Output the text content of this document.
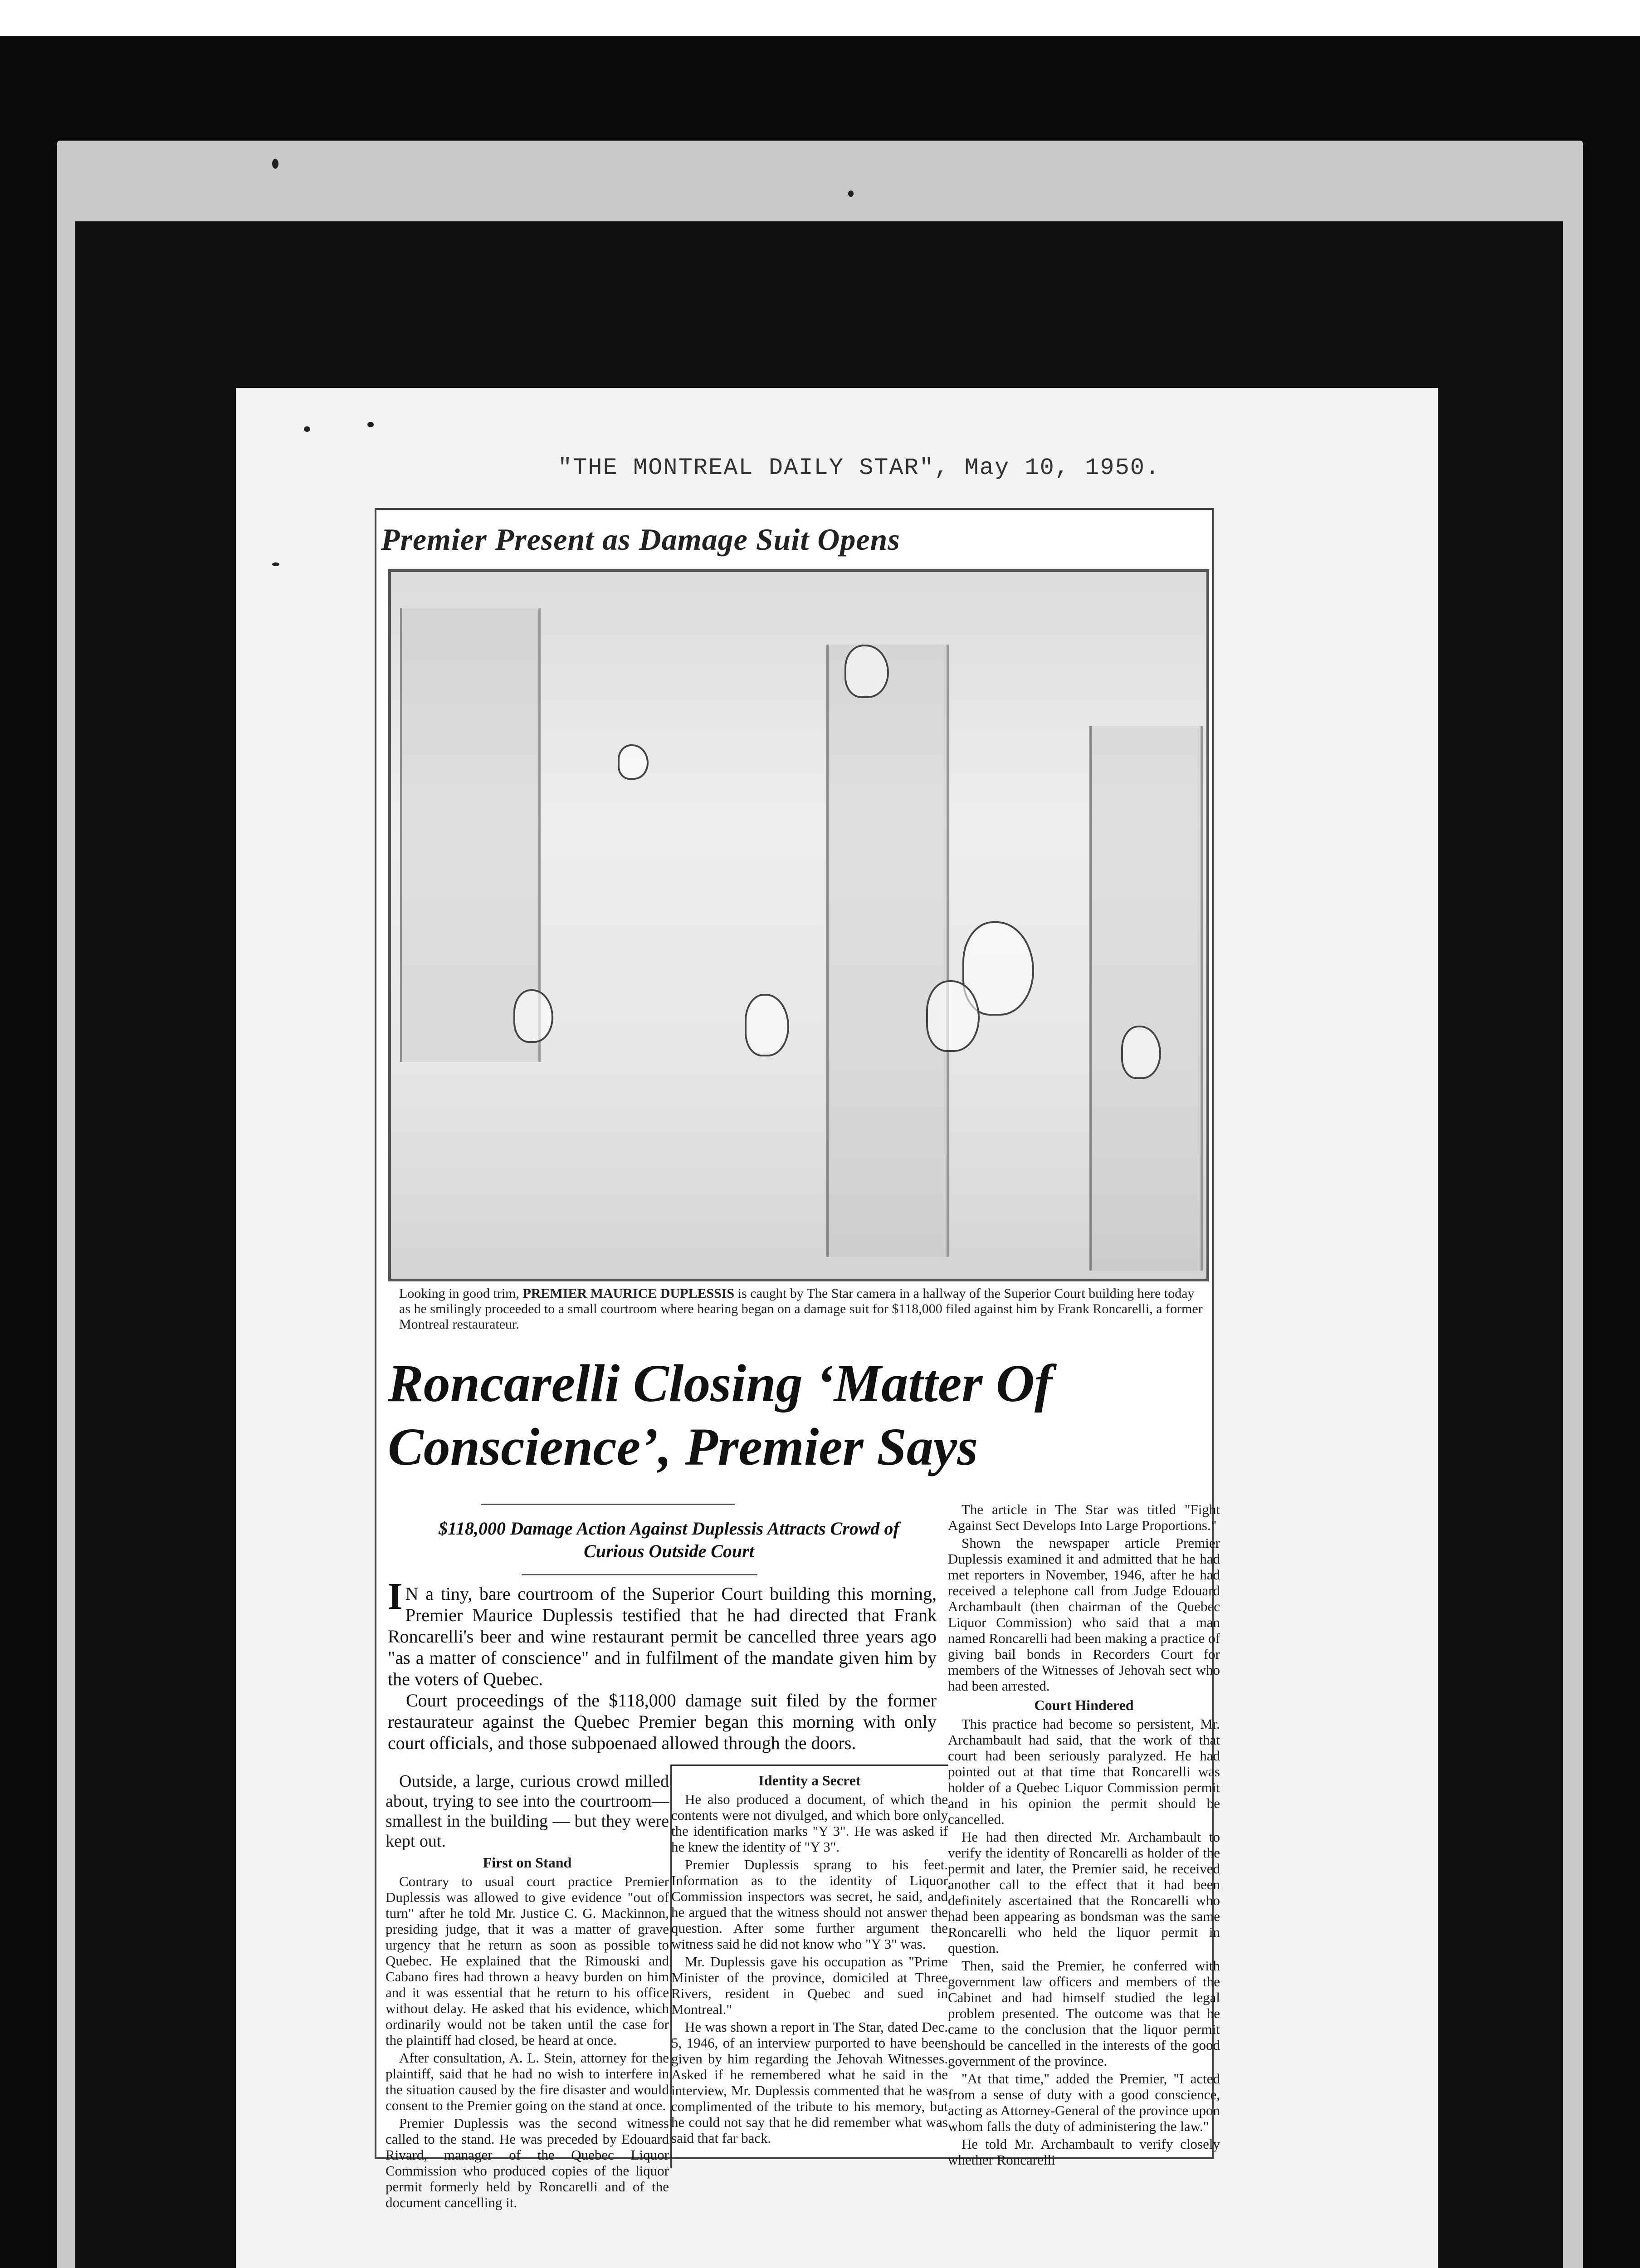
"THE MONTREAL DAILY STAR", May 10, 1950.
Premier Present as Damage Suit Opens
Looking in good trim, PREMIER MAURICE DUPLESSIS is caught by The Star camera in a hallway of the Superior Court building here today as he smilingly proceeded to a small courtroom where hearing began on a damage suit for $118,000 filed against him by Frank Roncarelli, a former Montreal restaurateur.
Roncarelli Closing ‘Matter Of Conscience’, Premier Says
$118,000 Damage Action Against Duplessis Attracts Crowd of Curious Outside Court
I N a tiny, bare courtroom of the Superior Court building this morning, Premier Maurice Duplessis testified that he had directed that Frank Roncarelli's beer and wine restaurant permit be cancelled three years ago "as a matter of conscience" and in fulfilment of the mandate given him by the voters of Quebec.

Court proceedings of the $118,000 damage suit filed by the former restaurateur against the Quebec Premier began this morning with only court officials, and those subpoenaed allowed through the doors.

Outside, a large, curious crowd milled about, trying to see into the courtroom—smallest in the building — but they were kept out.

First on Stand

Contrary to usual court practice Premier Duplessis was allowed to give evidence "out of turn" after he told Mr. Justice C. G. Mackinnon, presiding judge, that it was a matter of grave urgency that he return as soon as possible to Quebec. He explained that the Rimouski and Cabano fires had thrown a heavy burden on him and it was essential that he return to his office without delay. He asked that his evidence, which ordinarily would not be taken until the case for the plaintiff had closed, be heard at once.

After consultation, A. L. Stein, attorney for the plaintiff, said that he had no wish to interfere in the situation caused by the fire disaster and would consent to the Premier going on the stand at once.

Premier Duplessis was the second witness called to the stand. He was preceded by Edouard Rivard, manager of the Quebec Liquor Commission who produced copies of the liquor permit formerly held by Roncarelli and of the document cancelling it.

Identity a Secret

He also produced a document, of which the contents were not divulged, and which bore only the identification marks "Y 3". He was asked if he knew the identity of "Y 3".

Premier Duplessis sprang to his feet. Information as to the identity of Liquor Commission inspectors was secret, he said, and he argued that the witness should not answer the question. After some further argument the witness said he did not know who "Y 3" was.

Mr. Duplessis gave his occupation as "Prime Minister of the province, domiciled at Three Rivers, resident in Quebec and sued in Montreal."

He was shown a report in The Star, dated Dec. 5, 1946, of an interview purported to have been given by him regarding the Jehovah Witnesses. Asked if he remembered what he said in the interview, Mr. Duplessis commented that he was complimented of the tribute to his memory, but he could not say that he did remember what was said that far back.

The article in The Star was titled "Fight Against Sect Develops Into Large Proportions."

Shown the newspaper article Premier Duplessis examined it and admitted that he had met reporters in November, 1946, after he had received a telephone call from Judge Edouard Archambault (then chairman of the Quebec Liquor Commission) who said that a man named Roncarelli had been making a practice of giving bail bonds in Recorders Court for members of the Witnesses of Jehovah sect who had been arrested.

Court Hindered

This practice had become so persistent, Mr. Archambault had said, that the work of that court had been seriously paralyzed. He had pointed out at that time that Roncarelli was holder of a Quebec Liquor Commission permit and in his opinion the permit should be cancelled.

He had then directed Mr. Archambault to verify the identity of Roncarelli as holder of the permit and later, the Premier said, he received another call to the effect that it had been definitely ascertained that the Roncarelli who had been appearing as bondsman was the same Roncarelli who held the liquor permit in question.

Then, said the Premier, he conferred with government law officers and members of the Cabinet and had himself studied the legal problem presented. The outcome was that he came to the conclusion that the liquor permit should be cancelled in the interests of the good government of the province.

"At that time," added the Premier, "I acted from a sense of duty with a good conscience, acting as Attorney-General of the province upon whom falls the duty of administering the law."

He told Mr. Archambault to verify closely whether Roncarelli
